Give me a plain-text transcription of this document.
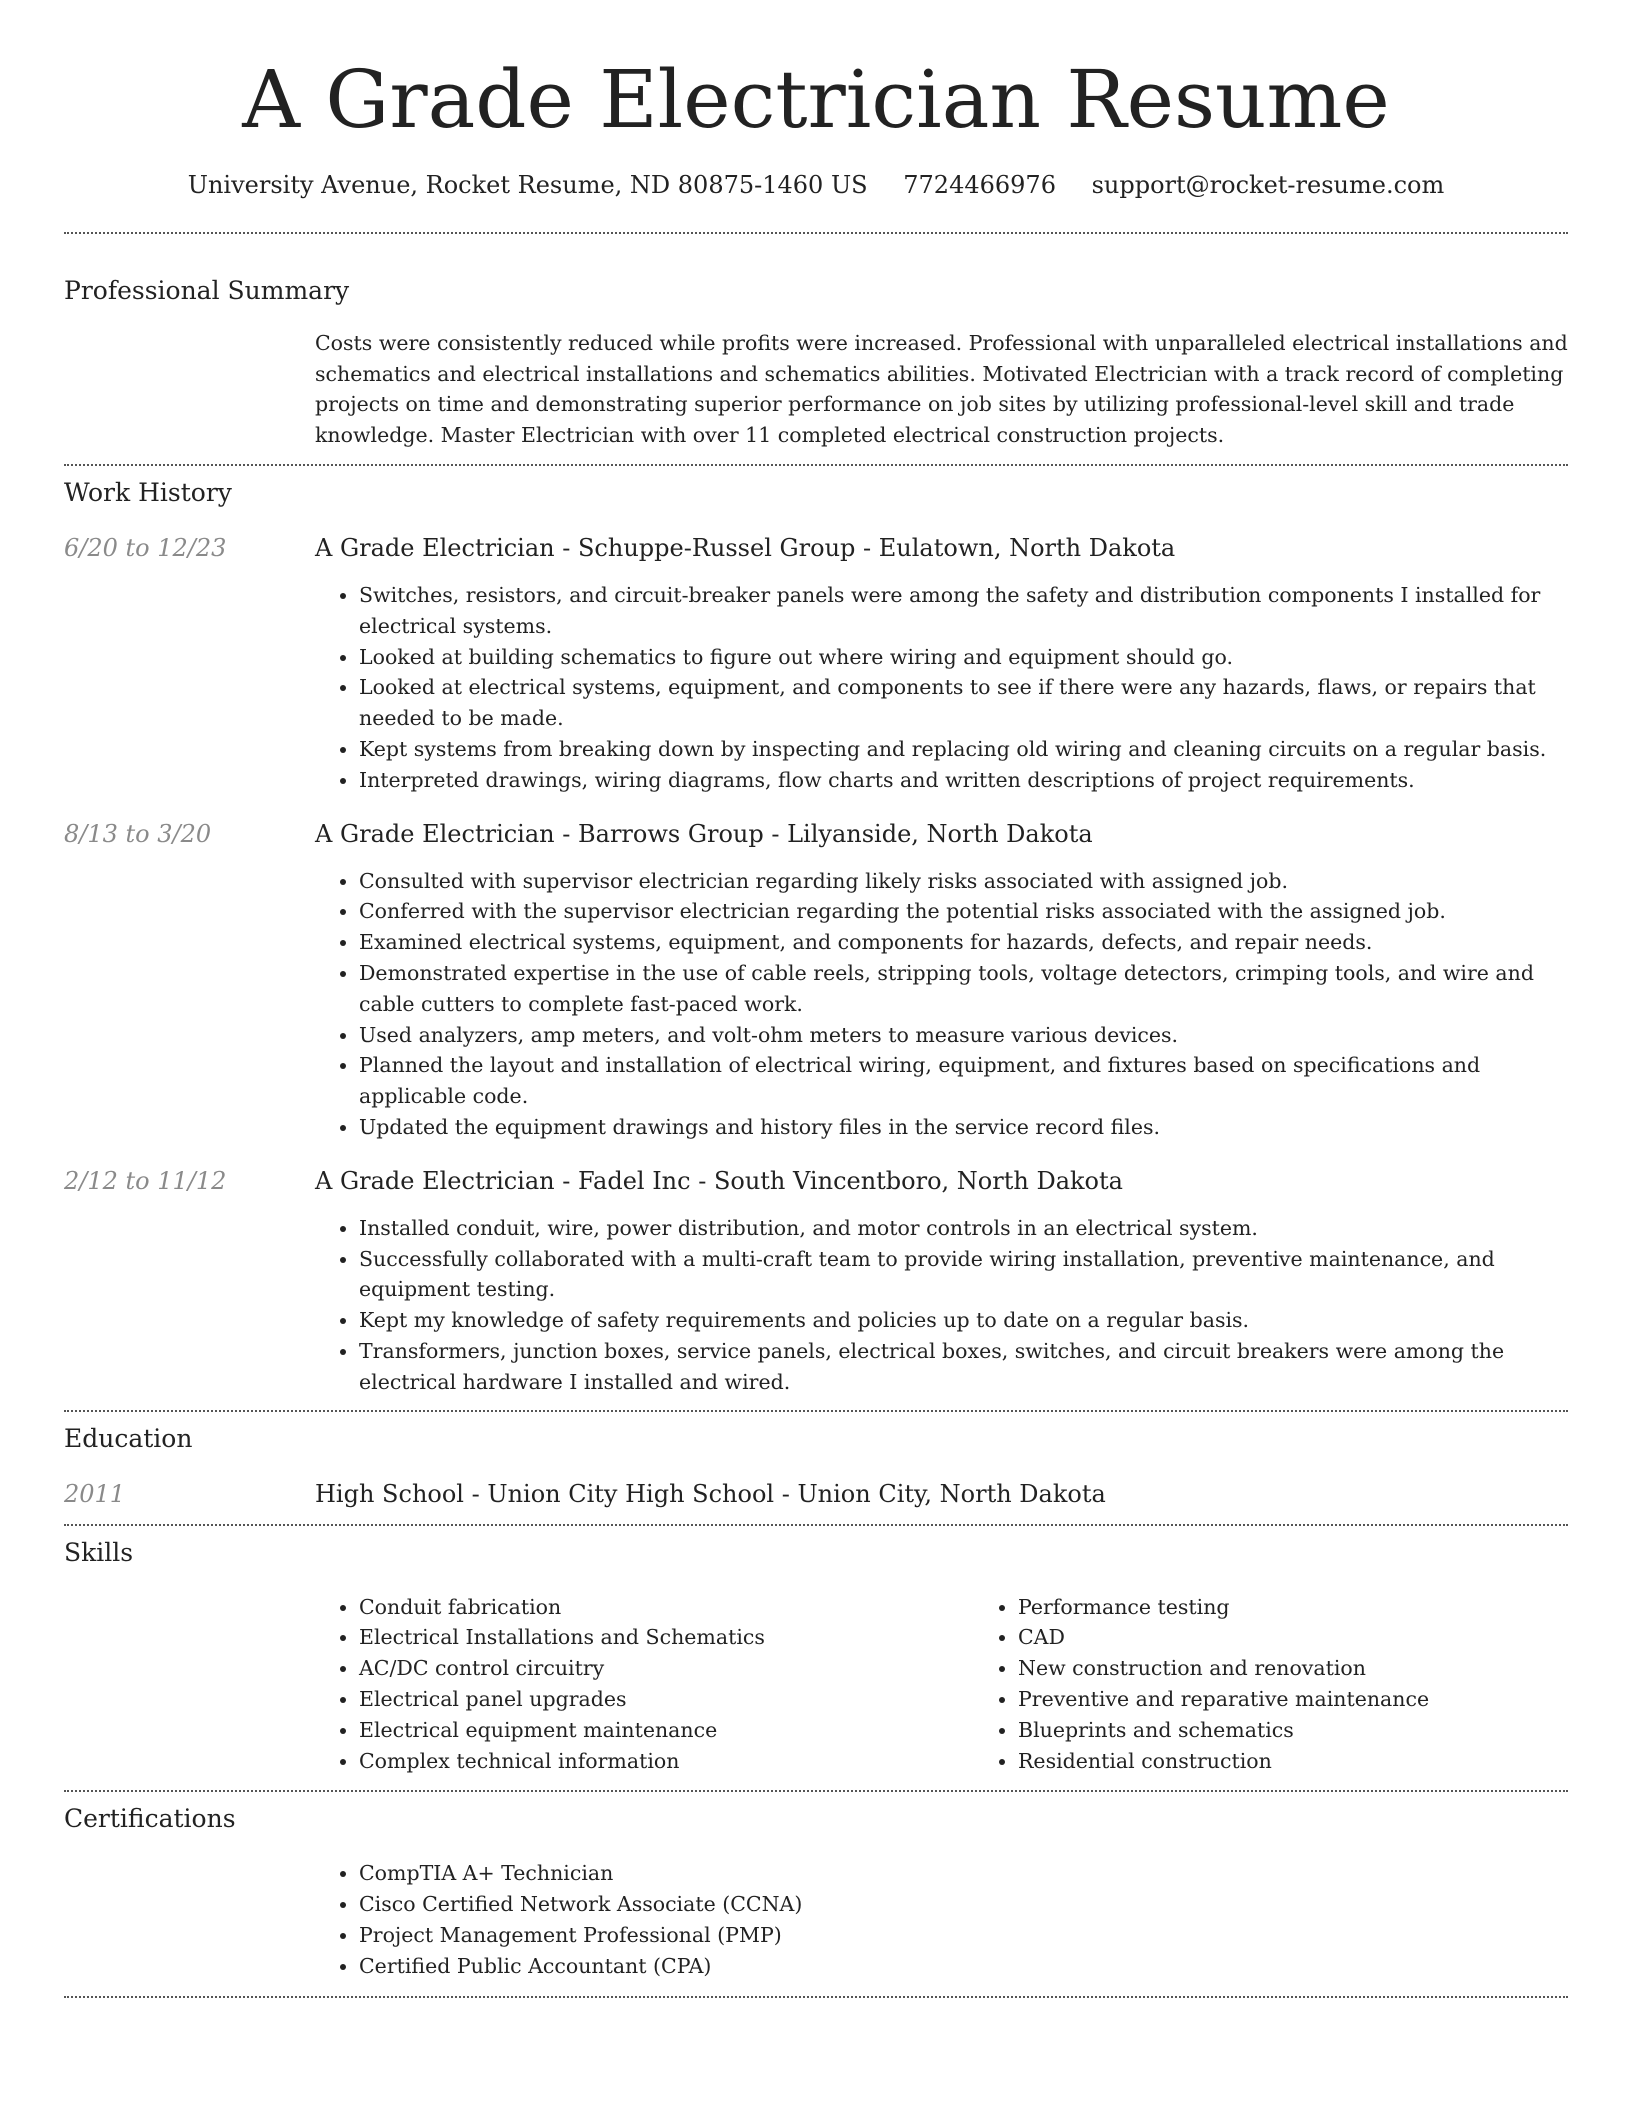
A Grade Electrician Resume
University Avenue, Rocket Resume, ND 80875-1460 US 7724466976 support@rocket-resume.com
Professional Summary

Costs were consistently reduced while profits were increased. Professional with unparalleled electrical installations and schematics and electrical installations and schematics abilities. Motivated Electrician with a track record of completing projects on time and demonstrating superior performance on job sites by utilizing professional-level skill and trade knowledge. Master Electrician with over 11 completed electrical construction projects.

Work History
6/20 to 12/23	A Grade Electrician - Schuppe-Russel Group - Eulatown, North Dakota
• Switches, resistors, and circuit-breaker panels were among the safety and distribution components I installed for electrical systems.
• Looked at building schematics to figure out where wiring and equipment should go.
• Looked at electrical systems, equipment, and components to see if there were any hazards, flaws, or repairs that needed to be made.
• Kept systems from breaking down by inspecting and replacing old wiring and cleaning circuits on a regular basis.
• Interpreted drawings, wiring diagrams, flow charts and written descriptions of project requirements.
8/13 to 3/20	A Grade Electrician - Barrows Group - Lilyanside, North Dakota
• Consulted with supervisor electrician regarding likely risks associated with assigned job.
• Conferred with the supervisor electrician regarding the potential risks associated with the assigned job.
• Examined electrical systems, equipment, and components for hazards, defects, and repair needs.
• Demonstrated expertise in the use of cable reels, stripping tools, voltage detectors, crimping tools, and wire and cable cutters to complete fast-paced work.
• Used analyzers, amp meters, and volt-ohm meters to measure various devices.
• Planned the layout and installation of electrical wiring, equipment, and fixtures based on specifications and applicable code.
• Updated the equipment drawings and history files in the service record files.
2/12 to 11/12	A Grade Electrician - Fadel Inc - South Vincentboro, North Dakota
• Installed conduit, wire, power distribution, and motor controls in an electrical system.
• Successfully collaborated with a multi-craft team to provide wiring installation, preventive maintenance, and equipment testing.
• Kept my knowledge of safety requirements and policies up to date on a regular basis.
• Transformers, junction boxes, service panels, electrical boxes, switches, and circuit breakers were among the electrical hardware I installed and wired.
Education
2011	High School - Union City High School - Union City, North Dakota
Skills
• Conduit fabrication
• Electrical Installations and Schematics
• AC/DC control circuitry
• Electrical panel upgrades
• Electrical equipment maintenance
• Complex technical information
• Performance testing
• CAD
• New construction and renovation
• Preventive and reparative maintenance
• Blueprints and schematics
• Residential construction
Certifications
• CompTIA A+ Technician
• Cisco Certified Network Associate (CCNA)
• Project Management Professional (PMP)
• Certified Public Accountant (CPA)
